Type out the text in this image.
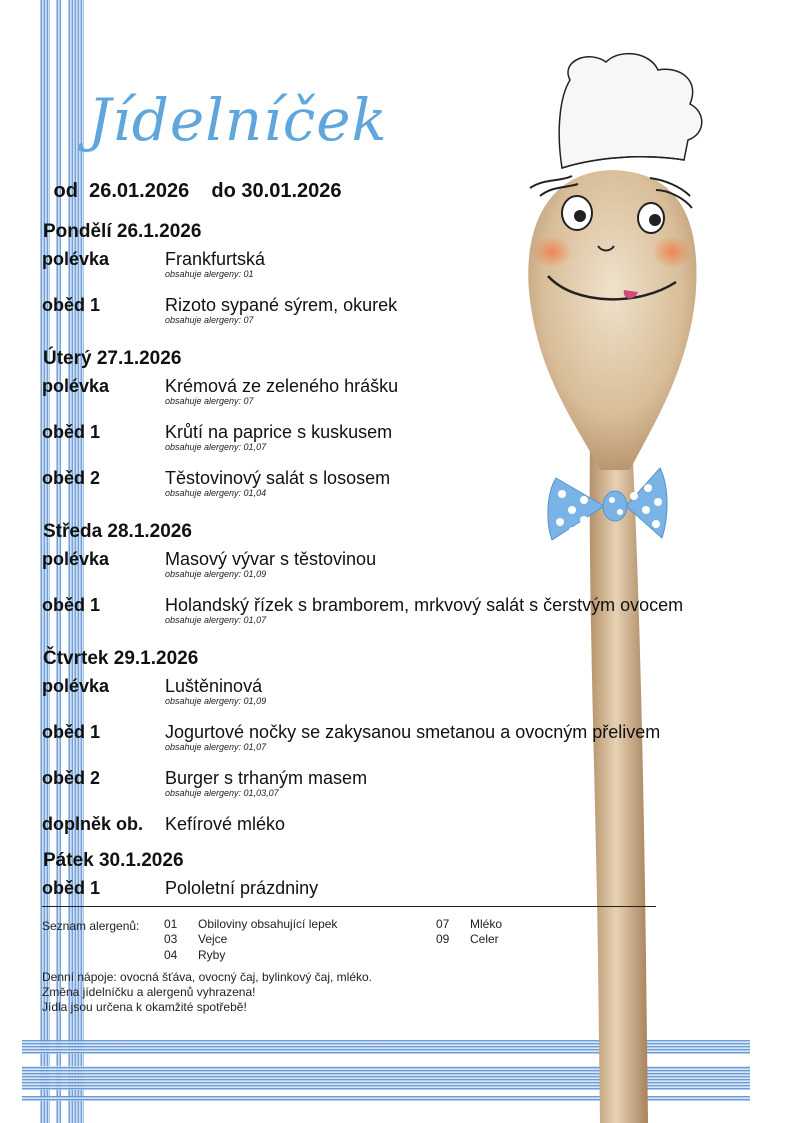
Jídelníček
od  26.01.2026    do 30.01.2026
Pondělí 26.1.2026
polévka	Frankfurtská
obsahuje alergeny: 01
oběd 1	Rizoto sypané sýrem, okurek
obsahuje alergeny: 07
Úterý 27.1.2026
polévka	Krémová ze zeleného hrášku
obsahuje alergeny: 07
oběd 1	Krůtí na paprice s kuskusem
obsahuje alergeny: 01,07
oběd 2	Těstovinový salát s lososem
obsahuje alergeny: 01,04
Středa 28.1.2026
polévka	Masový vývar s těstovinou
obsahuje alergeny: 01,09
oběd 1	Holandský řízek s bramborem, mrkvový salát s čerstvým ovocem
obsahuje alergeny: 01,07
Čtvrtek 29.1.2026
polévka	Luštěninová
obsahuje alergeny: 01,09
oběd 1	Jogurtové nočky se zakysanou smetanou a ovocným přelivem
obsahuje alergeny: 01,07
oběd 2	Burger s trhaným masem
obsahuje alergeny: 01,03,07
doplněk ob. Kefírové mléko
Pátek 30.1.2026
oběd 1	Pololetní prázdniny
Seznam alergenů: 01 Obiloviny obsahující lepek
03 Vejce
04 Ryby
07 Mléko
09 Celer
Denní nápoje: ovocná šťáva, ovocný čaj, bylinkový čaj, mléko.
Změna jídelníčku a alergenů vyhrazena!
Jídla jsou určena k okamžité spotřebě!
